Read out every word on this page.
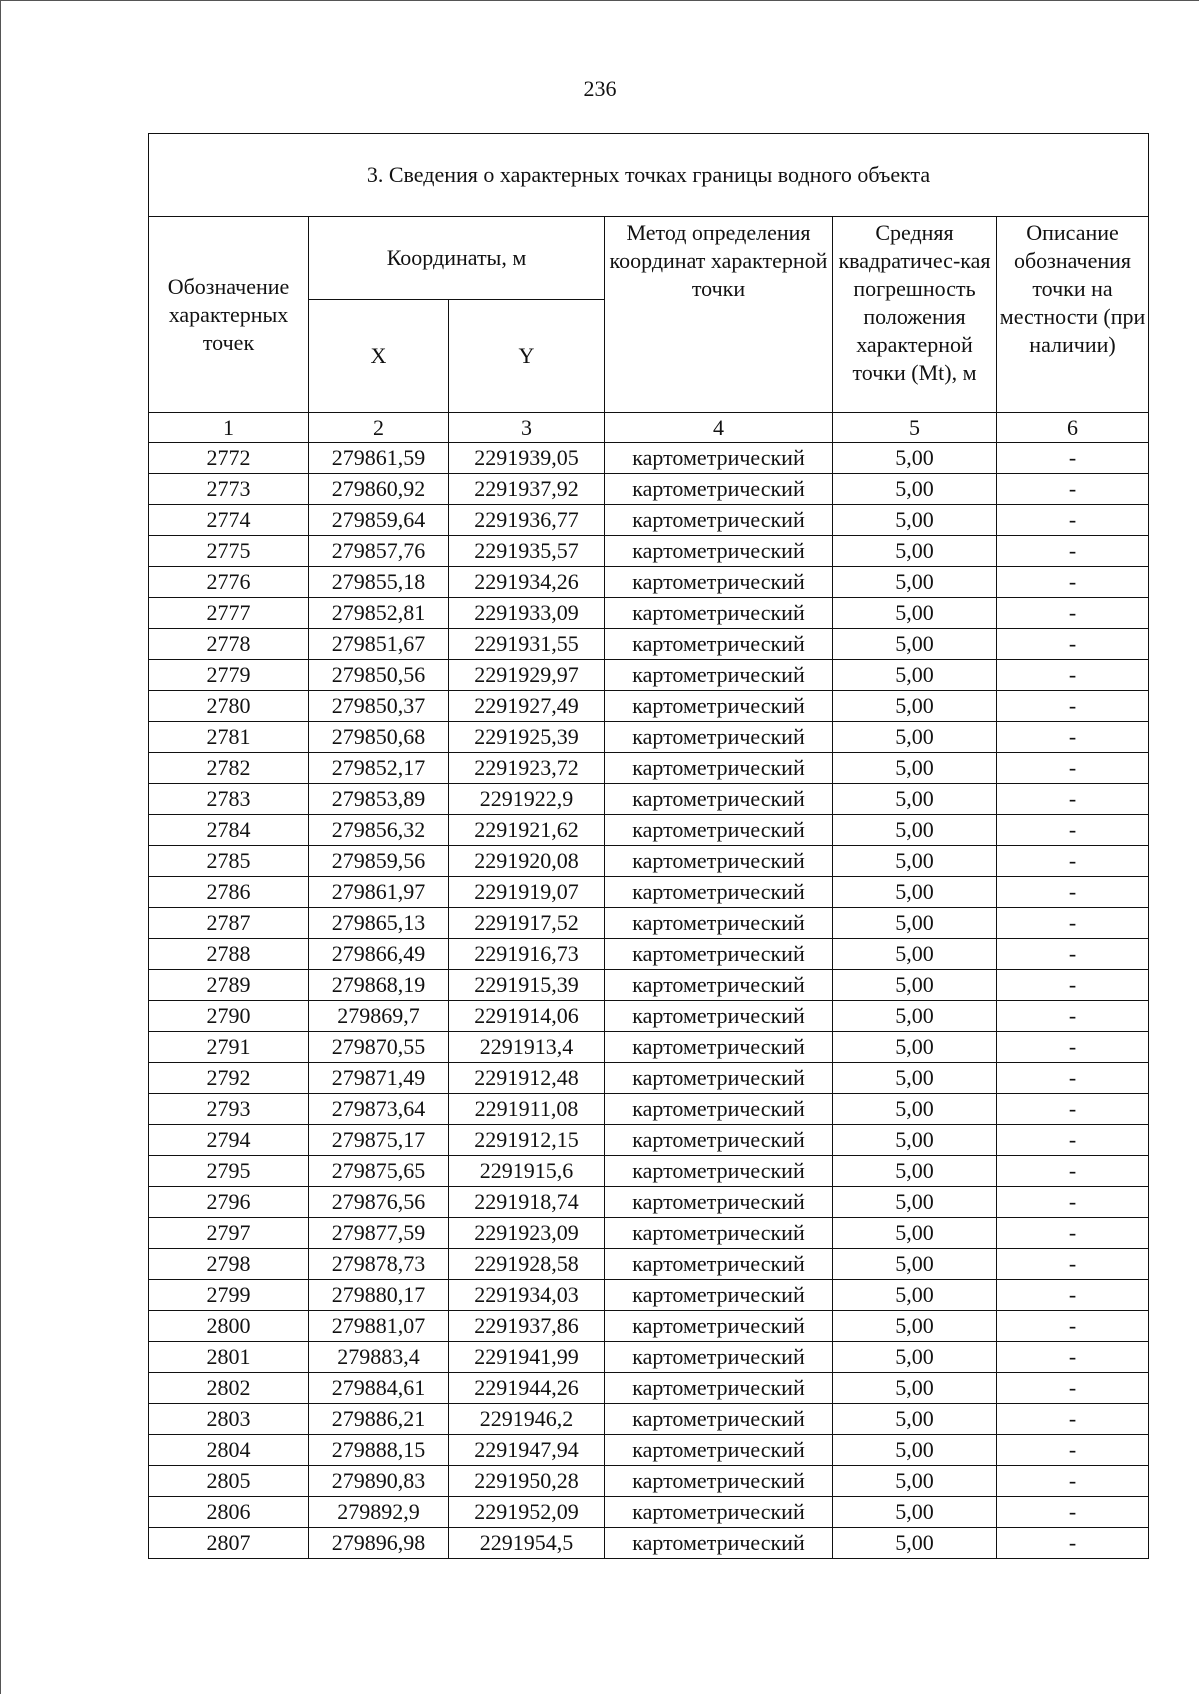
236
3. Сведения о характерных точках границы водного объекта					
Обозначение характерных точек	Координаты, м		Метод определения координат характерной точки	Средняя квадратичес-кая погрешность положения характерной точки (Mt), м	Описание обозначения точки на местности (при наличии)
	X	Y			
1	2	3	4	5	6
2772	279861,59	2291939,05	картометрический	5,00	-
2773	279860,92	2291937,92	картометрический	5,00	-
2774	279859,64	2291936,77	картометрический	5,00	-
2775	279857,76	2291935,57	картометрический	5,00	-
2776	279855,18	2291934,26	картометрический	5,00	-
2777	279852,81	2291933,09	картометрический	5,00	-
2778	279851,67	2291931,55	картометрический	5,00	-
2779	279850,56	2291929,97	картометрический	5,00	-
2780	279850,37	2291927,49	картометрический	5,00	-
2781	279850,68	2291925,39	картометрический	5,00	-
2782	279852,17	2291923,72	картометрический	5,00	-
2783	279853,89	2291922,9	картометрический	5,00	-
2784	279856,32	2291921,62	картометрический	5,00	-
2785	279859,56	2291920,08	картометрический	5,00	-
2786	279861,97	2291919,07	картометрический	5,00	-
2787	279865,13	2291917,52	картометрический	5,00	-
2788	279866,49	2291916,73	картометрический	5,00	-
2789	279868,19	2291915,39	картометрический	5,00	-
2790	279869,7	2291914,06	картометрический	5,00	-
2791	279870,55	2291913,4	картометрический	5,00	-
2792	279871,49	2291912,48	картометрический	5,00	-
2793	279873,64	2291911,08	картометрический	5,00	-
2794	279875,17	2291912,15	картометрический	5,00	-
2795	279875,65	2291915,6	картометрический	5,00	-
2796	279876,56	2291918,74	картометрический	5,00	-
2797	279877,59	2291923,09	картометрический	5,00	-
2798	279878,73	2291928,58	картометрический	5,00	-
2799	279880,17	2291934,03	картометрический	5,00	-
2800	279881,07	2291937,86	картометрический	5,00	-
2801	279883,4	2291941,99	картометрический	5,00	-
2802	279884,61	2291944,26	картометрический	5,00	-
2803	279886,21	2291946,2	картометрический	5,00	-
2804	279888,15	2291947,94	картометрический	5,00	-
2805	279890,83	2291950,28	картометрический	5,00	-
2806	279892,9	2291952,09	картометрический	5,00	-
2807	279896,98	2291954,5	картометрический	5,00	-
